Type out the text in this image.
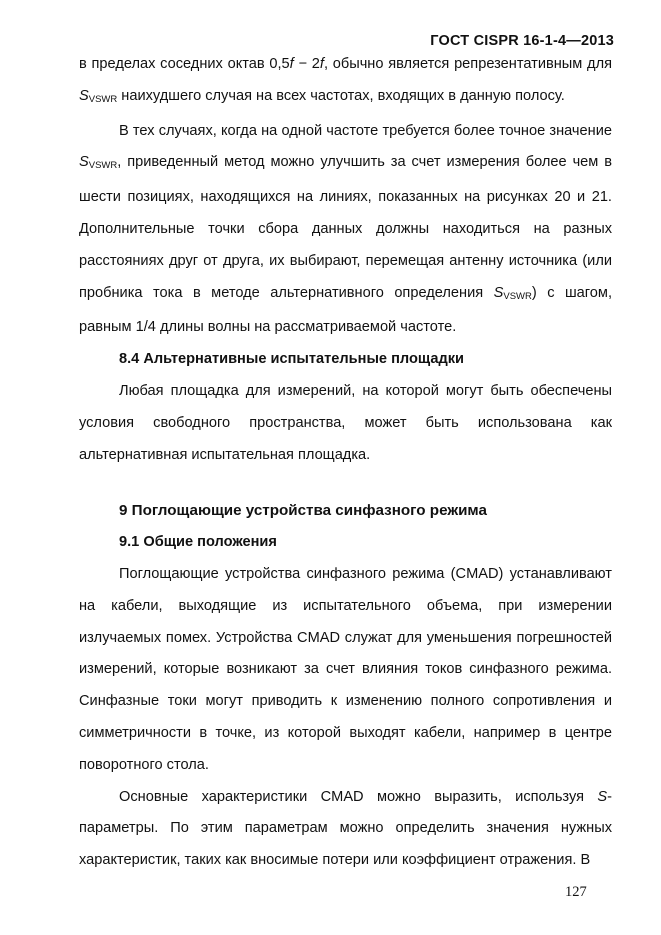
ГОСТ CISPR 16-1-4—2013

в пределах соседних октав 0,5f − 2f, обычно является репрезентативным для $S_{VSWR}$ наихудшего случая на всех частотах, входящих в данную полосу.

В тех случаях, когда на одной частоте требуется более точное значение $S_{VSWR}$, приведенный метод можно улучшить за счет измерения более чем в шести позициях, находящихся на линиях, показанных на рисунках 20 и 21. Дополнительные точки сбора данных должны находиться на разных расстояниях друг от друга, их выбирают, перемещая антенну источника (или пробника тока в методе альтернативного определения $S_{VSWR}$) с шагом, равным 1/4 длины волны на рассматриваемой частоте.

8.4 Альтернативные испытательные площадки

Любая площадка для измерений, на которой могут быть обеспечены условия свободного пространства, может быть использована как альтернативная испытательная площадка.

9 Поглощающие устройства синфазного режима

9.1 Общие положения

Поглощающие устройства синфазного режима (CMAD) устанавливают на кабели, выходящие из испытательного объема, при измерении излучаемых помех. Устройства CMAD служат для уменьшения погрешностей измерений, которые возникают за счет влияния токов синфазного режима. Синфазные токи могут приводить к изменению полного сопротивления и симметричности в точке, из которой выходят кабели, например в центре поворотного стола.

Основные характеристики CMAD можно выразить, используя S-параметры. По этим параметрам можно определить значения нужных характеристик, таких как вносимые потери или коэффициент отражения. В

127
